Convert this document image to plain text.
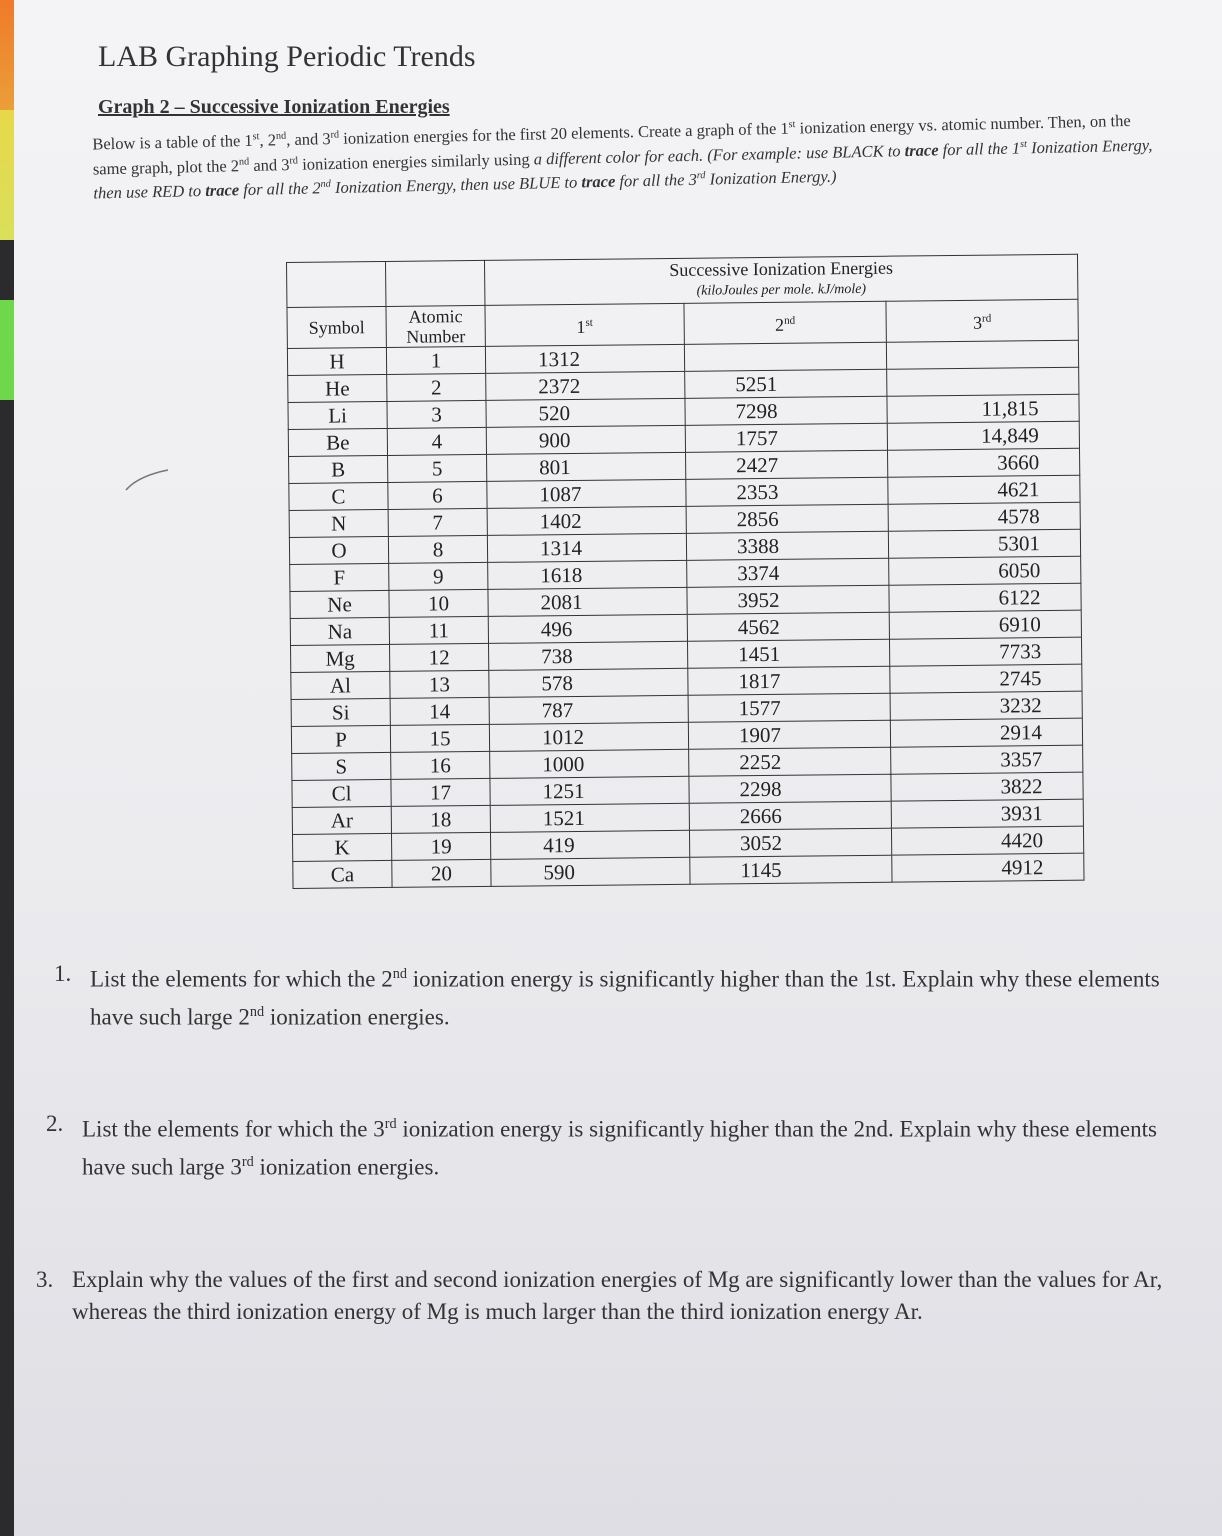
LAB Graphing Periodic Trends
Graph 2 – Successive Ionization Energies
Below is a table of the 1st, 2nd, and 3rd ionization energies for the first 20 elements. Create a graph of the 1st ionization energy vs. atomic number. Then, on the same graph, plot the 2nd and 3rd ionization energies similarly using a different color for each. (For example: use BLACK to trace for all the 1st Ionization Energy, then use RED to trace for all the 2nd Ionization Energy, then use BLUE to trace for all the 3rd Ionization Energy.)
		Successive Ionization Energies
(kiloJoules per mole. kJ/mole)		

Symbol	Atomic Number	1st	2nd	3rd
H	1	1312		
He	2	2372	5251	
Li	3	520	7298	11,815
Be	4	900	1757	14,849
B	5	801	2427	3660
C	6	1087	2353	4621
N	7	1402	2856	4578
O	8	1314	3388	5301
F	9	1618	3374	6050
Ne	10	2081	3952	6122
Na	11	496	4562	6910
Mg	12	738	1451	7733
Al	13	578	1817	2745
Si	14	787	1577	3232
P	15	1012	1907	2914
S	16	1000	2252	3357
Cl	17	1251	2298	3822
Ar	18	1521	2666	3931
K	19	419	3052	4420
Ca	20	590	1145	4912
1. List the elements for which the 2nd ionization energy is significantly higher than the 1st. Explain why these elements have such large 2nd ionization energies.
2. List the elements for which the 3rd ionization energy is significantly higher than the 2nd. Explain why these elements have such large 3rd ionization energies.
3. Explain why the values of the first and second ionization energies of Mg are significantly lower than the values for Ar, whereas the third ionization energy of Mg is much larger than the third ionization energy Ar.
